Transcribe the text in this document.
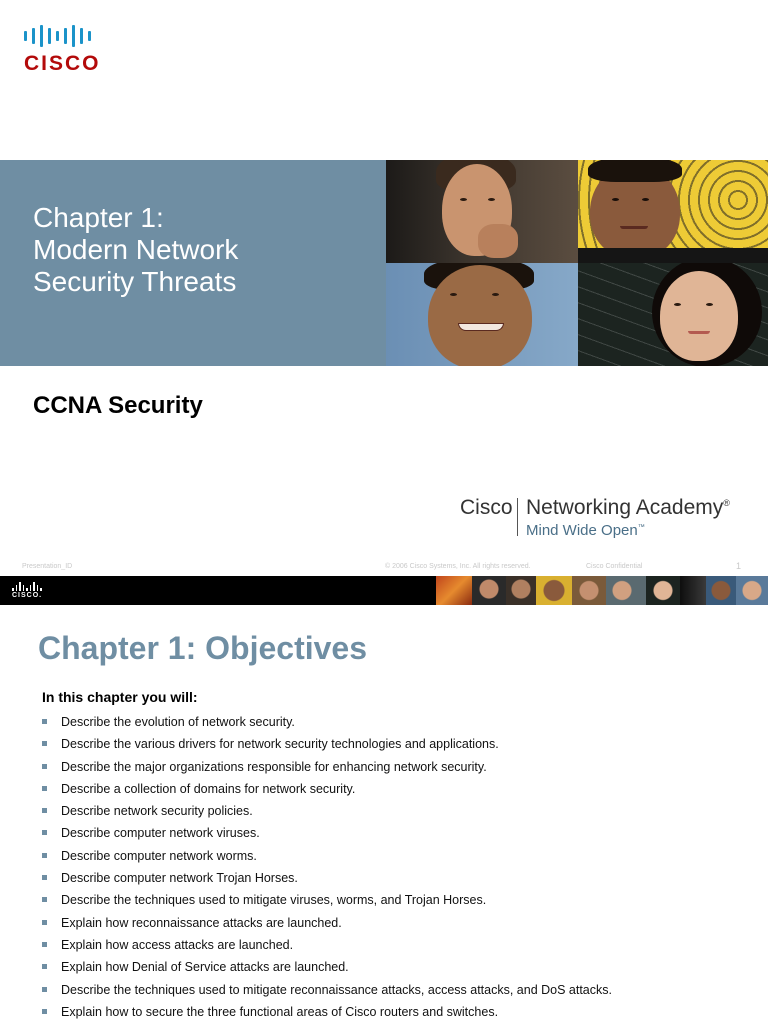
CISCO
Chapter 1:
Modern Network
Security Threats
CCNA Security
Cisco Networking Academy®
Mind Wide Open™
Presentation_ID	© 2006 Cisco Systems, Inc. All rights reserved.	Cisco Confidential	1
CISCO.
Chapter 1: Objectives
In this chapter you will:
Describe the evolution of network security.
Describe the various drivers for network security technologies and applications.
Describe the major organizations responsible for enhancing network security.
Describe a collection of domains for network security.
Describe network security policies.
Describe computer network viruses.
Describe computer network worms.
Describe computer network Trojan Horses.
Describe the techniques used to mitigate viruses, worms, and Trojan Horses.
Explain how reconnaissance attacks are launched.
Explain how access attacks are launched.
Explain how Denial of Service attacks are launched.
Describe the techniques used to mitigate reconnaissance attacks, access attacks, and DoS attacks.
Explain how to secure the three functional areas of Cisco routers and switches.
